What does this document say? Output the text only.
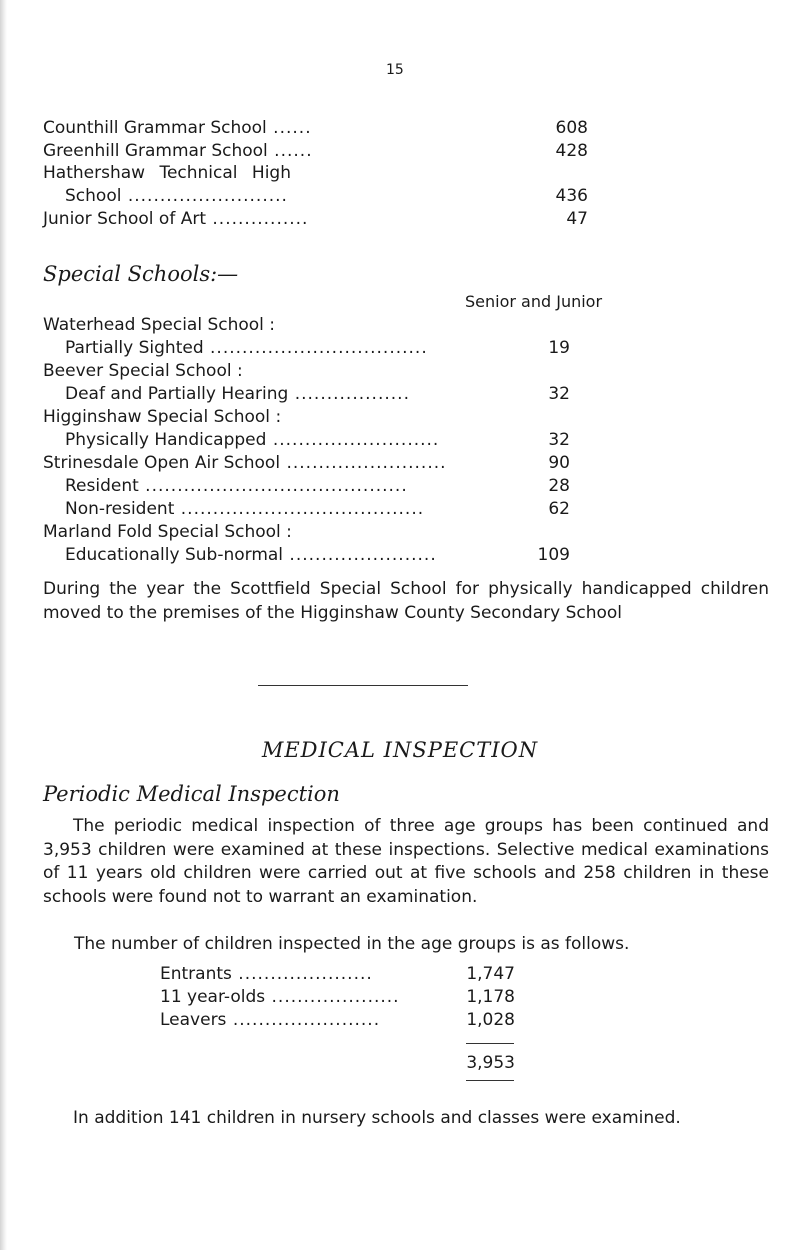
15
Counthill Grammar School ......	608
Greenhill Grammar School ......	428
Hathershaw Technical High
School .........................	436
Junior School of Art ...............	47
Special Schools:—
Senior and Junior
Waterhead Special School :
Partially Sighted ..................................	19
Beever Special School :
Deaf and Partially Hearing ..................	32
Higginshaw Special School :
Physically Handicapped ..........................	32
Strinesdale Open Air School .........................	90
Resident .........................................	28
Non-resident ......................................	62
Marland Fold Special School :
Educationally Sub-normal .......................	109
During the year the Scottfield Special School for physically handicapped children moved to the premises of the Higginshaw County Secondary School
MEDICAL INSPECTION
Periodic Medical Inspection
The periodic medical inspection of three age groups has been continued and 3,953 children were examined at these inspections. Selective medical examinations of 11 years old children were carried out at five schools and 258 children in these schools were found not to warrant an examination.
The number of children inspected in the age groups is as follows.
Entrants .....................	1,747
11 year-olds ....................	1,178
Leavers .......................	1,028
3,953
In addition 141 children in nursery schools and classes were examined.
